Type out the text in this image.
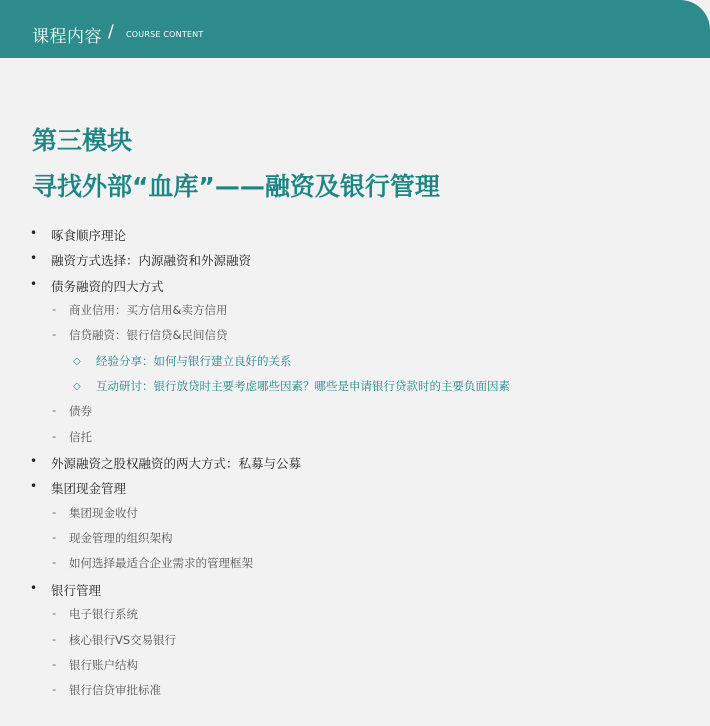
课程内容 / COURSE CONTENT
第三模块
寻找外部“血库”——融资及银行管理
• 啄食顺序理论
• 融资方式选择：内源融资和外源融资
• 债务融资的四大方式
- 商业信用：买方信用&卖方信用
- 信贷融资：银行信贷&民间信贷
◇ 经验分享：如何与银行建立良好的关系
◇ 互动研讨：银行放贷时主要考虑哪些因素？哪些是申请银行贷款时的主要负面因素
- 债券
- 信托
• 外源融资之股权融资的两大方式：私募与公募
• 集团现金管理
- 集团现金收付
- 现金管理的组织架构
- 如何选择最适合企业需求的管理框架
• 银行管理
- 电子银行系统
- 核心银行VS交易银行
- 银行账户结构
- 银行信贷审批标准
